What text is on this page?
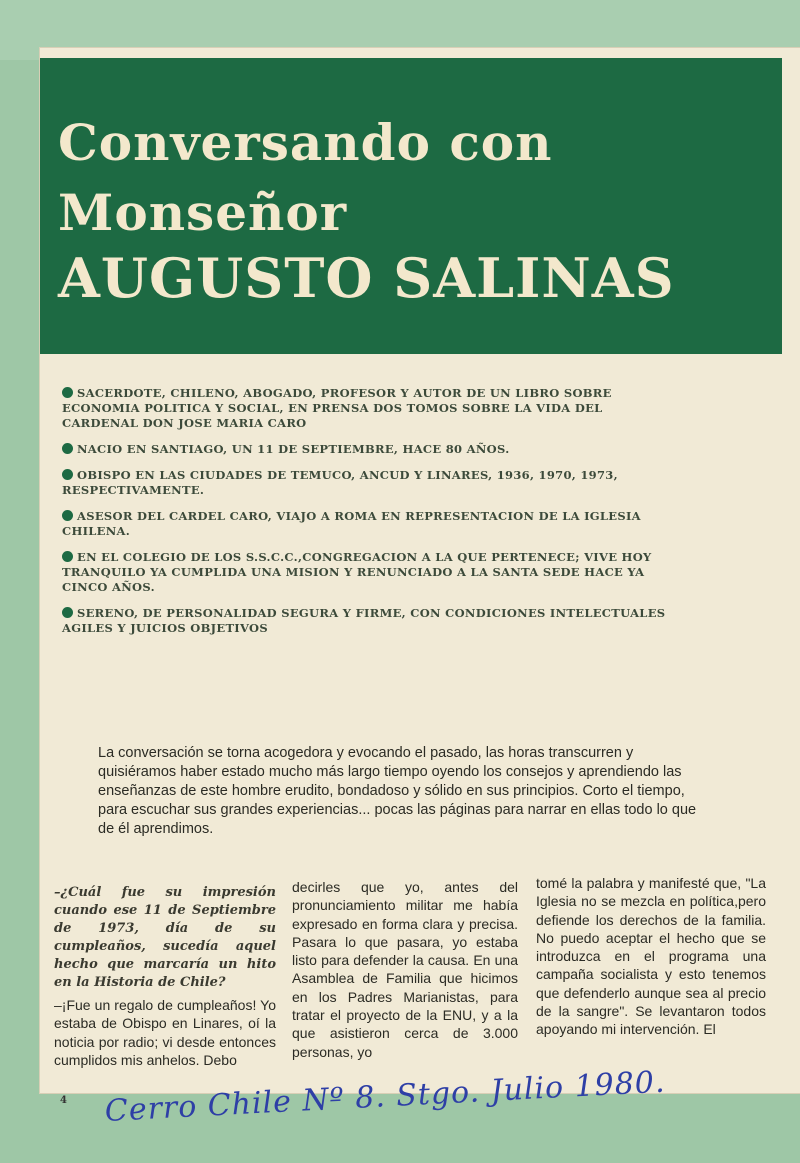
Conversando con
Monseñor
AUGUSTO SALINAS

SACERDOTE, CHILENO, ABOGADO, PROFESOR Y AUTOR DE UN LIBRO SOBRE ECONOMIA POLITICA Y SOCIAL, EN PRENSA DOS TOMOS SOBRE LA VIDA DEL CARDENAL DON JOSE MARIA CARO

NACIO EN SANTIAGO, UN 11 DE SEPTIEMBRE, HACE 80 AÑOS.

OBISPO EN LAS CIUDADES DE TEMUCO, ANCUD Y LINARES, 1936, 1970, 1973, RESPECTIVAMENTE.

ASESOR DEL CARDEL CARO, VIAJO A ROMA EN REPRESENTACION DE LA IGLESIA CHILENA.

EN EL COLEGIO DE LOS S.S.C.C.,CONGREGACION A LA QUE PERTENECE; VIVE HOY TRANQUILO YA CUMPLIDA UNA MISION Y RENUNCIADO A LA SANTA SEDE HACE YA CINCO AÑOS.

SERENO, DE PERSONALIDAD SEGURA Y FIRME, CON CONDICIONES INTELECTUALES AGILES Y JUICIOS OBJETIVOS

La conversación se torna acogedora y evocando el pasado, las horas transcurren y quisiéramos haber estado mucho más largo tiempo oyendo los consejos y aprendiendo las enseñanzas de este hombre erudito, bondadoso y sólido en sus principios. Corto el tiempo, para escuchar sus grandes experiencias... pocas las páginas para narrar en ellas todo lo que de él aprendimos.

–¿Cuál fue su impresión cuando ese 11 de Septiembre de 1973, día de su cumpleaños, sucedía aquel hecho que marcaría un hito en la Historia de Chile?

–¡Fue un regalo de cumpleaños! Yo estaba de Obispo en Linares, oí la noticia por radio; vi desde entonces cumplidos mis anhelos. Debo

decirles que yo, antes del pronunciamiento militar me había expresado en forma clara y precisa. Pasara lo que pasara, yo estaba listo para defender la causa. En una Asamblea de Familia que hicimos en los Padres Marianistas, para tratar el proyecto de la ENU, y a la que asistieron cerca de 3.000 personas, yo

tomé la palabra y manifesté que, "La Iglesia no se mezcla en política,pero defiende los derechos de la familia. No puedo aceptar el hecho que se introduzca en el programa una campaña socialista y esto tenemos que defenderlo aunque sea al precio de la sangre". Se levantaron todos apoyando mi intervención. El

4 Cerro Chile Nº 8. Stgo. Julio 1980.
